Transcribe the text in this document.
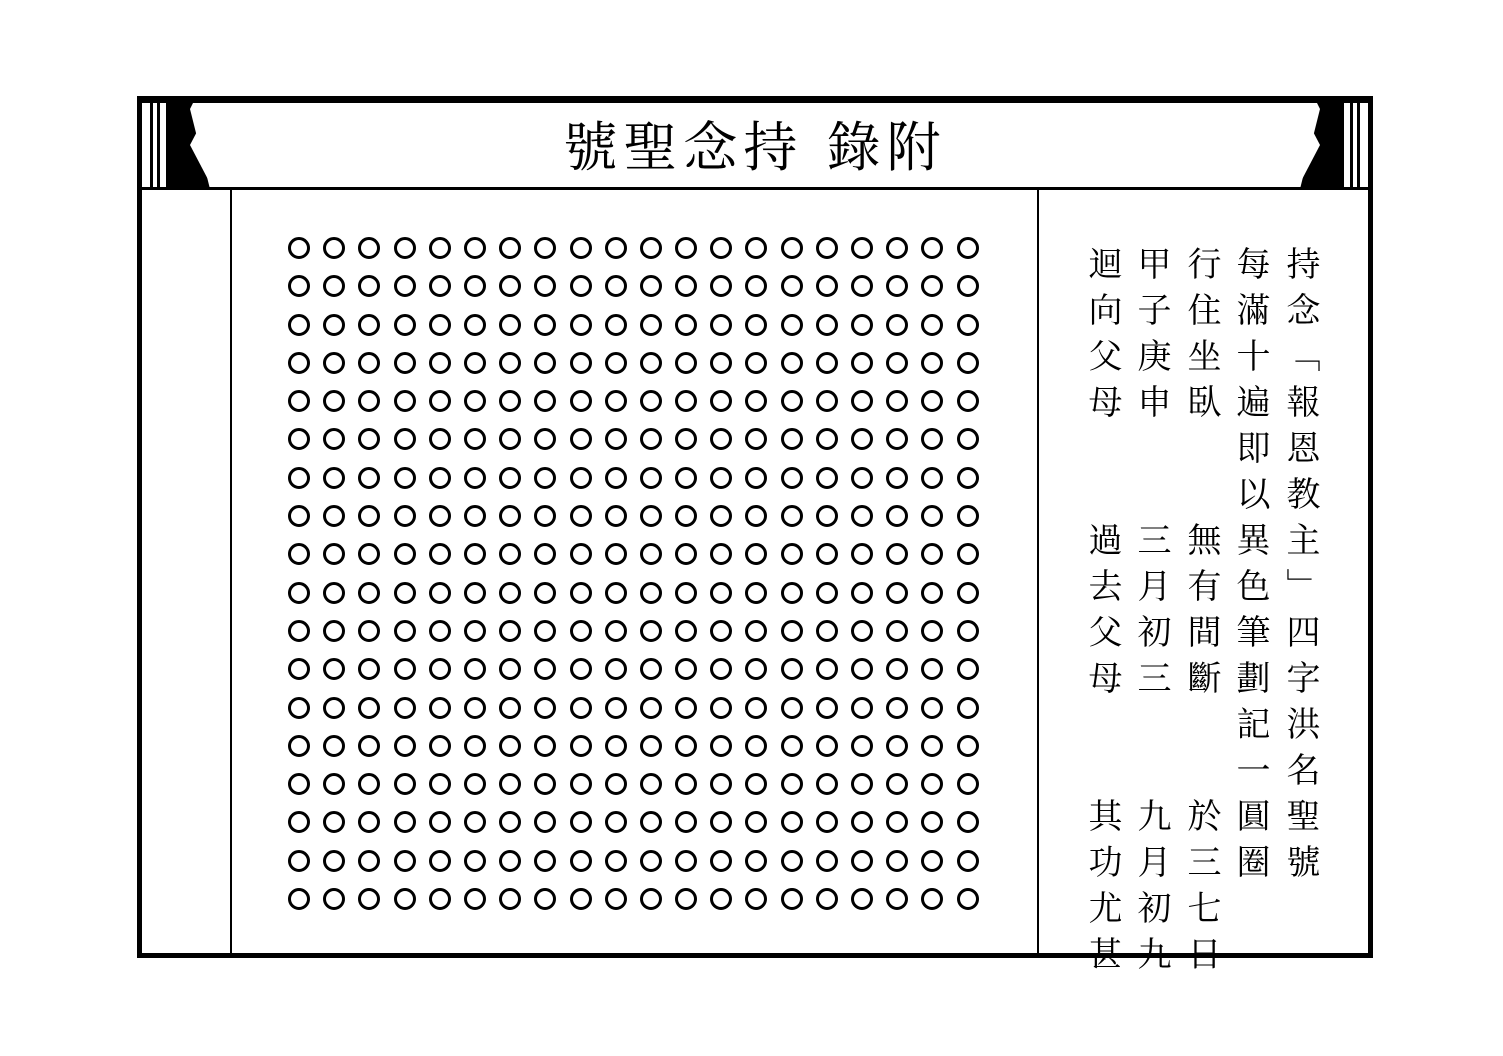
號聖念持 錄附
持念「報恩教主」四字洪名聖號
每滿十遍即以異色筆劃記一圓圈
行住坐臥　　無有間斷　　於三七日
甲子庚申　　三月初三　　九月初九
迴向父母　　過去父母　　其功尤甚
